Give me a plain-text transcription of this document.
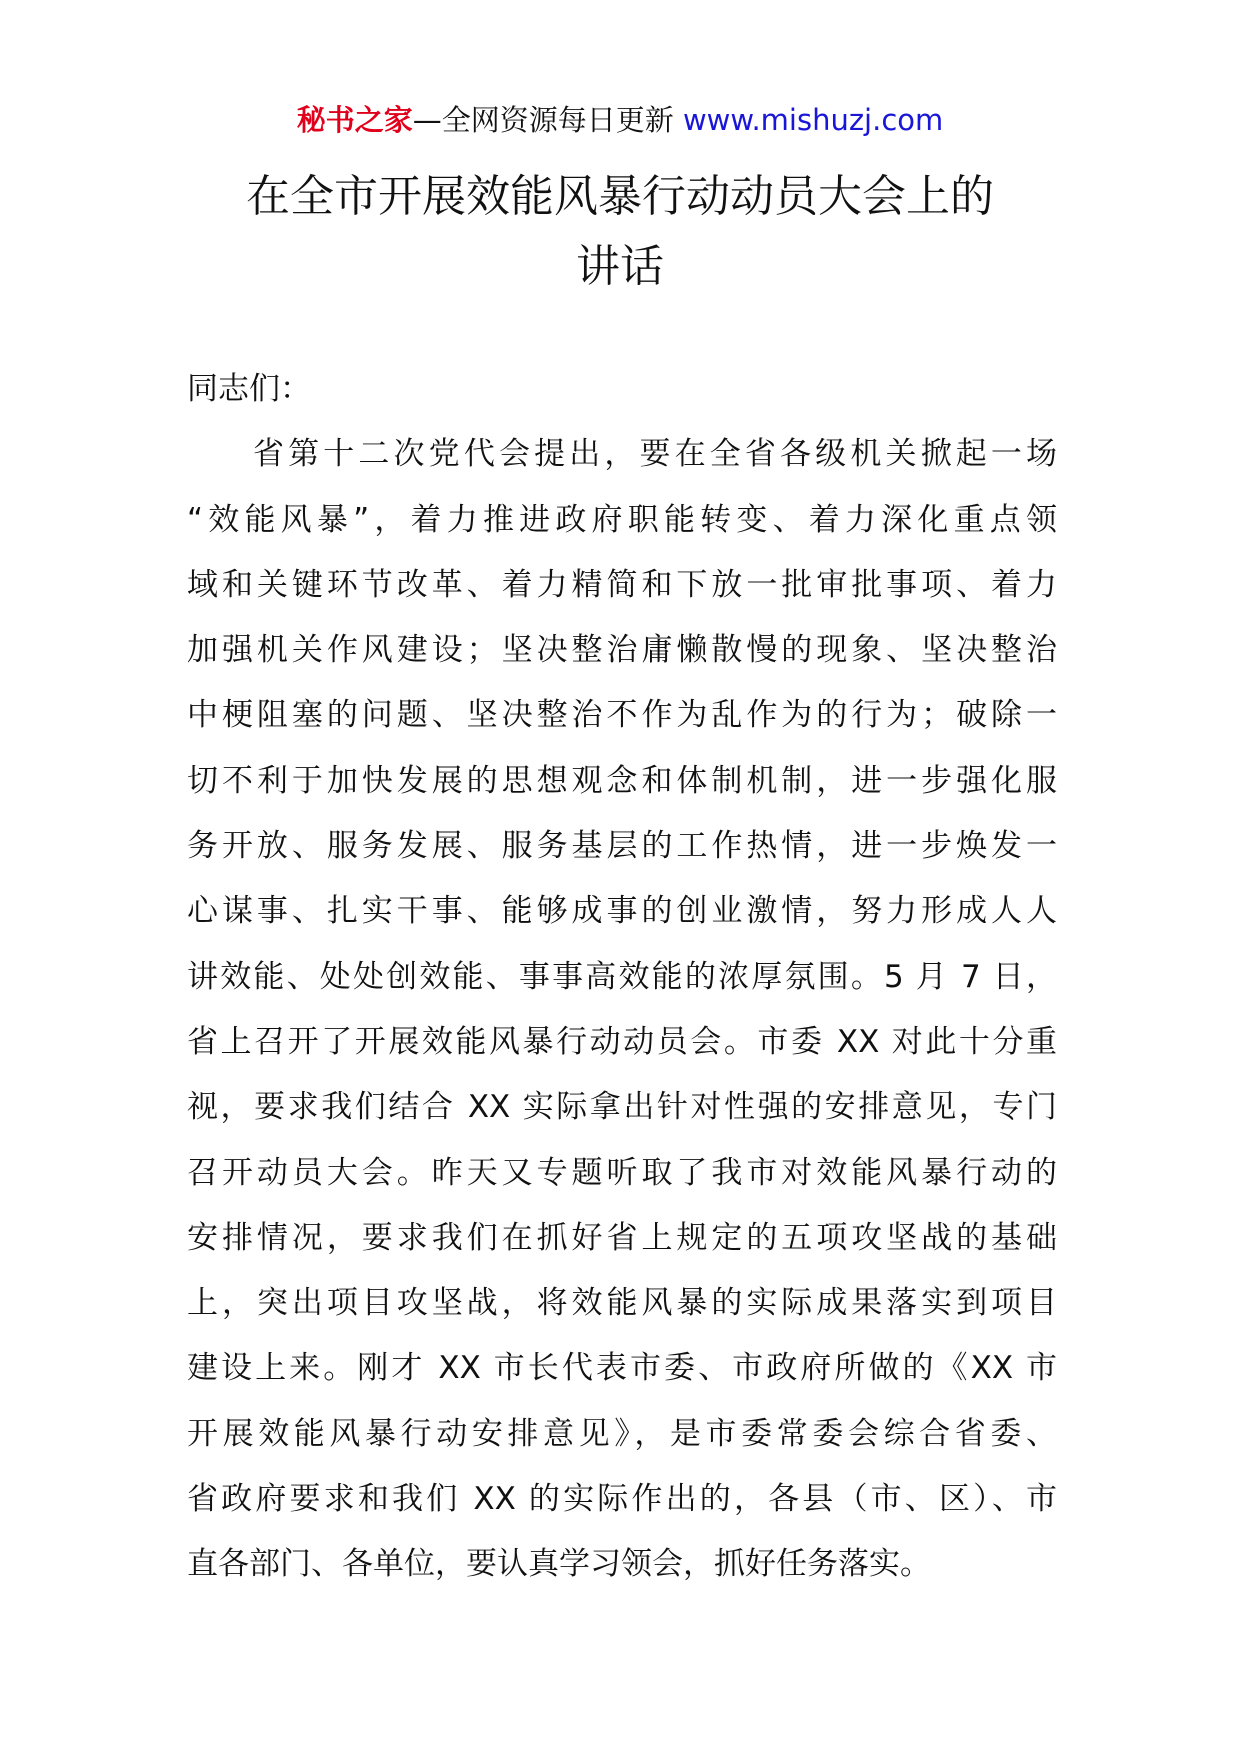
秘书之家—全网资源每日更新 www.mishuzj.com
在全市开展效能风暴行动动员大会上的
讲话
同志们：
省第十二次党代会提出，要在全省各级机关掀起一场
“效能风暴”，着力推进政府职能转变、着力深化重点领
域和关键环节改革、着力精简和下放一批审批事项、着力
加强机关作风建设；坚决整治庸懒散慢的现象、坚决整治
中梗阻塞的问题、坚决整治不作为乱作为的行为；破除一
切不利于加快发展的思想观念和体制机制，进一步强化服
务开放、服务发展、服务基层的工作热情，进一步焕发一
心谋事、扎实干事、能够成事的创业激情，努力形成人人
讲效能、处处创效能、事事高效能的浓厚氛围。5 月 7 日，
省上召开了开展效能风暴行动动员会。市委 XX 对此十分重
视，要求我们结合 XX 实际拿出针对性强的安排意见，专门
召开动员大会。昨天又专题听取了我市对效能风暴行动的
安排情况，要求我们在抓好省上规定的五项攻坚战的基础
上，突出项目攻坚战，将效能风暴的实际成果落实到项目
建设上来。刚才 XX 市长代表市委、市政府所做的《XX 市
开展效能风暴行动安排意见》，是市委常委会综合省委、
省政府要求和我们 XX 的实际作出的，各县（市、区）、市
直各部门、各单位，要认真学习领会，抓好任务落实。
